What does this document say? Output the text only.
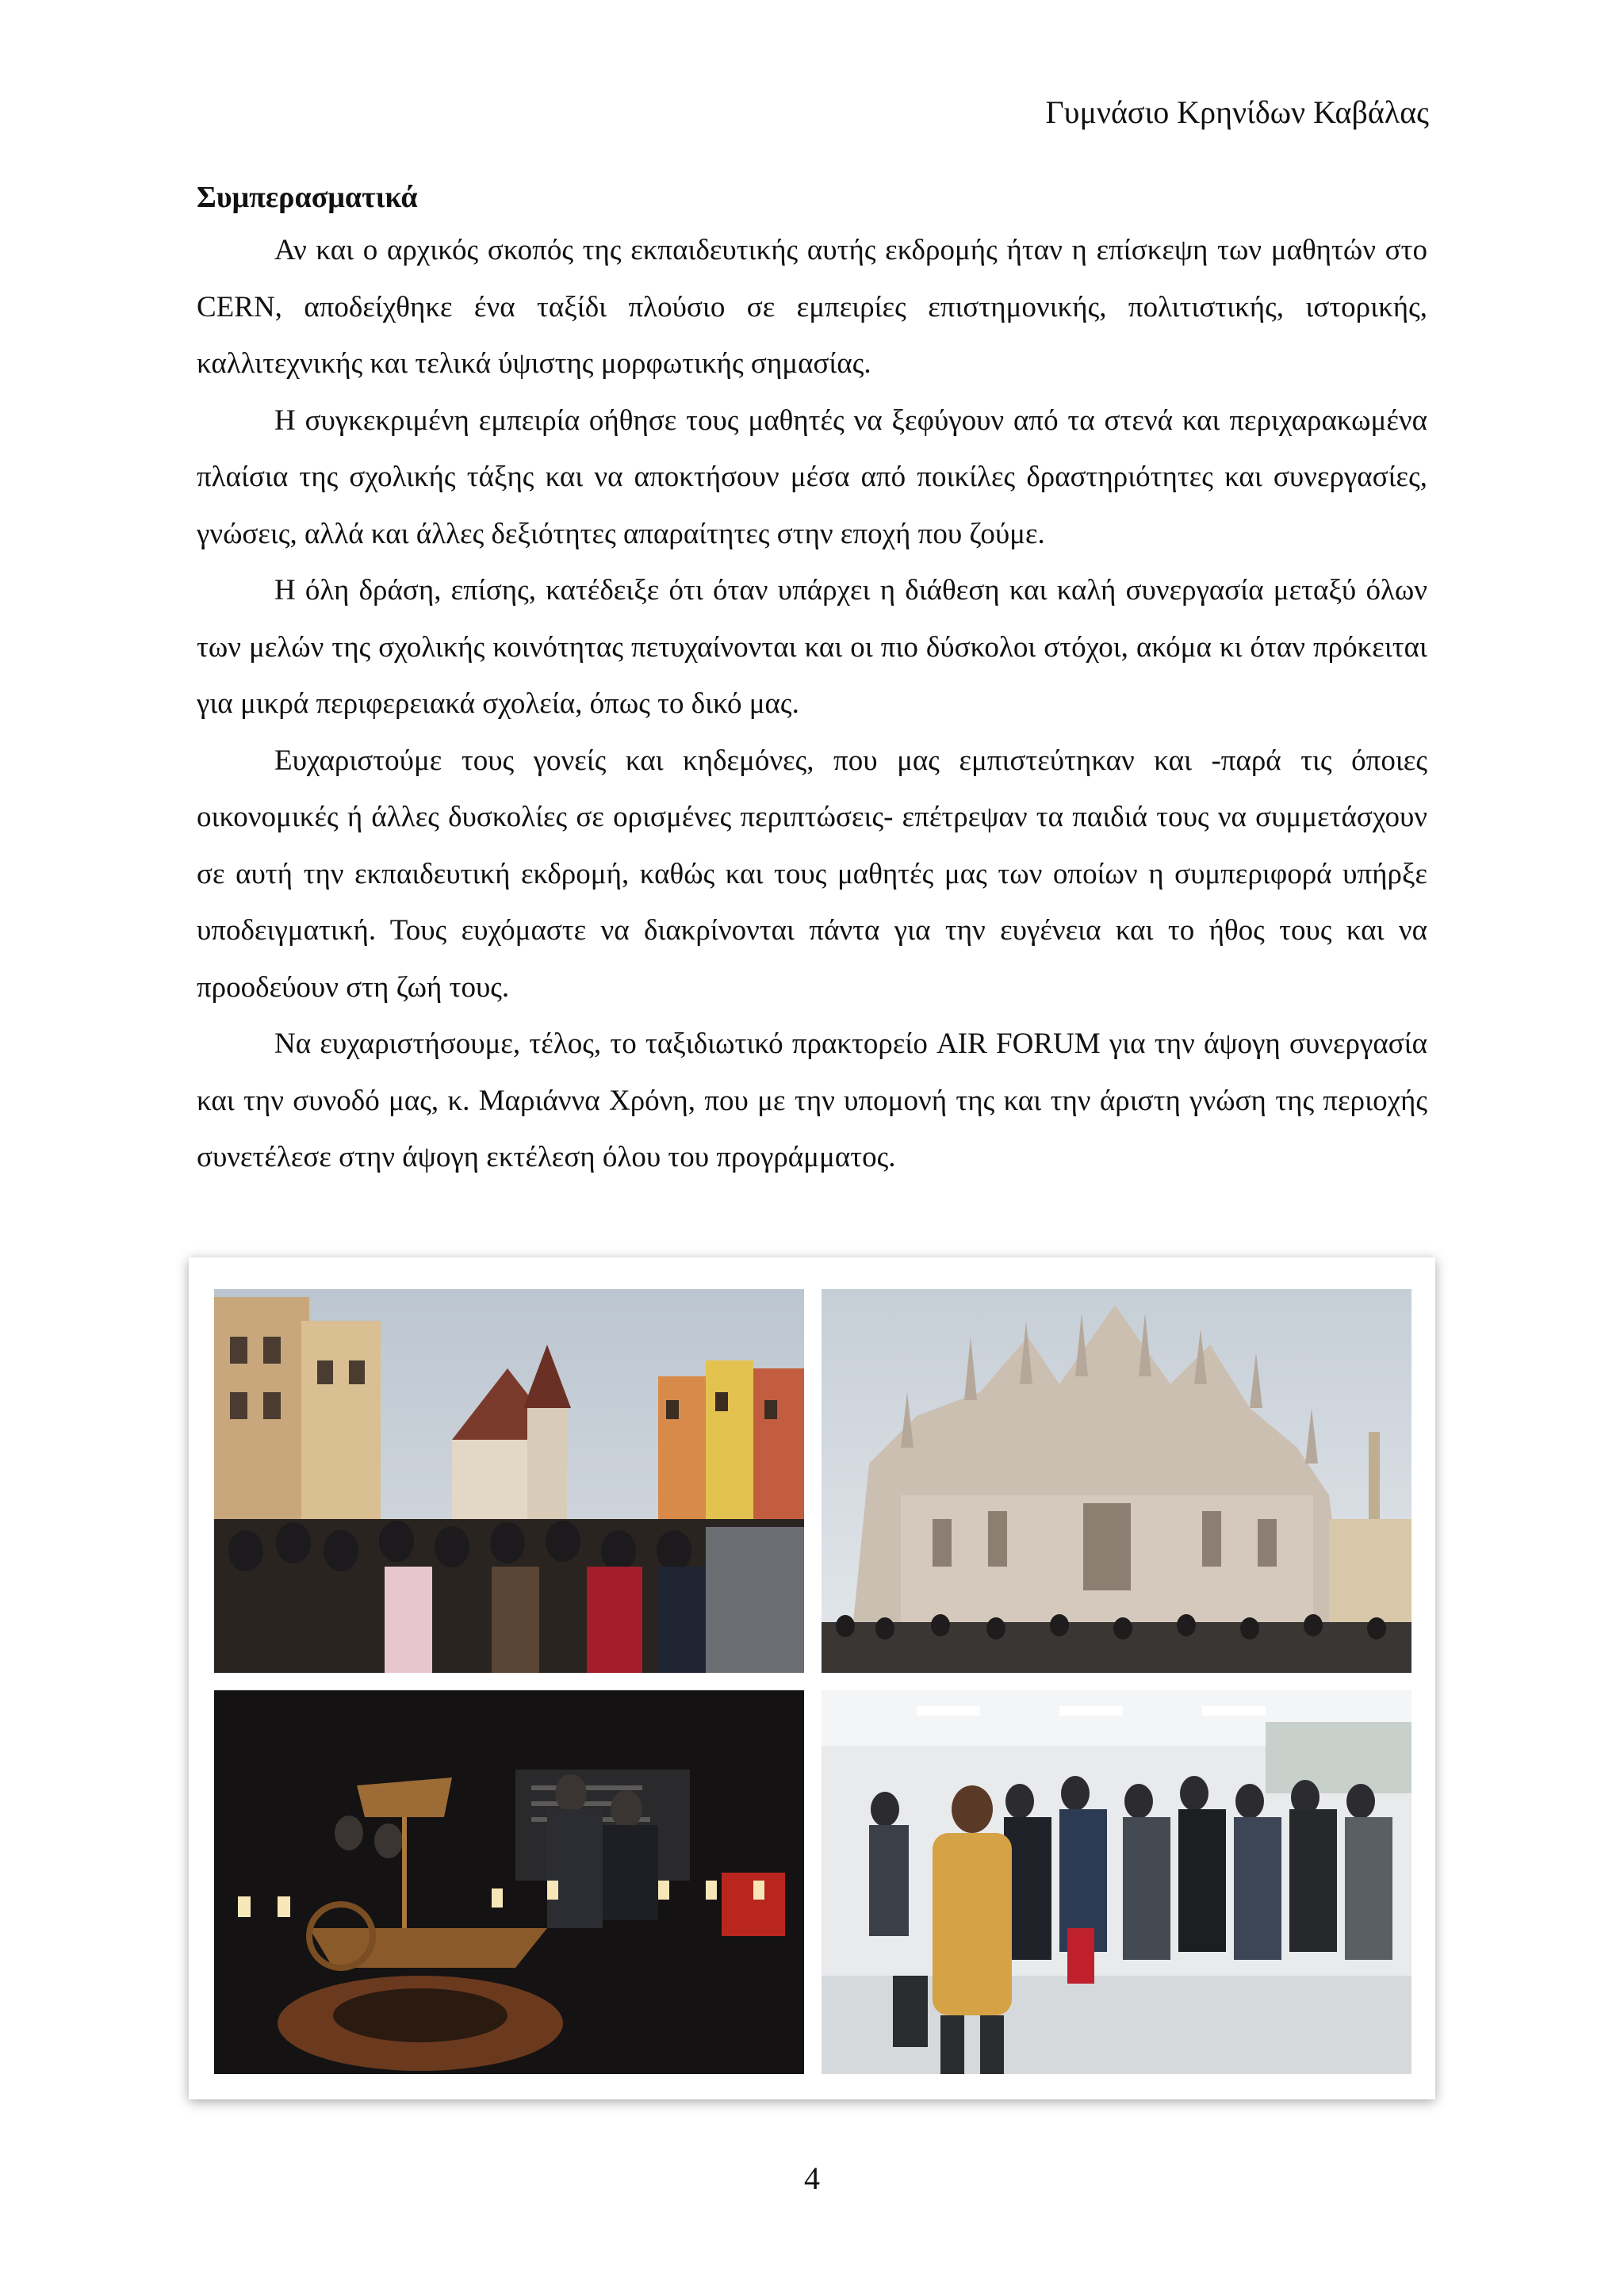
Γυμνάσιο Κρηνίδων Καβάλας

Συμπερασματικά

Αν και ο αρχικός σκοπός της εκπαιδευτικής αυτής εκδρομής ήταν η επίσκεψη των μαθητών στο CERN, αποδείχθηκε ένα ταξίδι πλούσιο σε εμπειρίες επιστημονικής, πολιτιστικής, ιστορικής, καλλιτεχνικής και τελικά ύψιστης μορφωτικής σημασίας.

Η συγκεκριμένη εμπειρία οήθησε τους μαθητές να ξεφύγουν από τα στενά και περιχαρακωμένα πλαίσια της σχολικής τάξης και να αποκτήσουν μέσα από ποικίλες δραστηριότητες και συνεργασίες, γνώσεις, αλλά και άλλες δεξιότητες απαραίτητες στην εποχή που ζούμε.

Η όλη δράση, επίσης, κατέδειξε ότι όταν υπάρχει η διάθεση και καλή συνεργασία μεταξύ όλων των μελών της σχολικής κοινότητας πετυχαίνονται και οι πιο δύσκολοι στόχοι, ακόμα κι όταν πρόκειται για μικρά περιφερειακά σχολεία, όπως το δικό μας.

Ευχαριστούμε τους γονείς και κηδεμόνες, που μας εμπιστεύτηκαν και -παρά τις όποιες οικονομικές ή άλλες δυσκολίες σε ορισμένες περιπτώσεις- επέτρεψαν τα παιδιά τους να συμμετάσχουν σε αυτή την εκπαιδευτική εκδρομή, καθώς και τους μαθητές μας των οποίων η συμπεριφορά υπήρξε υποδειγματική. Τους ευχόμαστε να διακρίνονται πάντα για την ευγένεια και το ήθος τους και να προοδεύουν στη ζωή τους.

Να ευχαριστήσουμε, τέλος, το ταξιδιωτικό πρακτορείο AIR FORUM για την άψογη συνεργασία και την συνοδό μας, κ. Μαριάννα Χρόνη, που με την υπομονή της και την άριστη γνώση της περιοχής συνετέλεσε στην άψογη εκτέλεση όλου του προγράμματος.

4
